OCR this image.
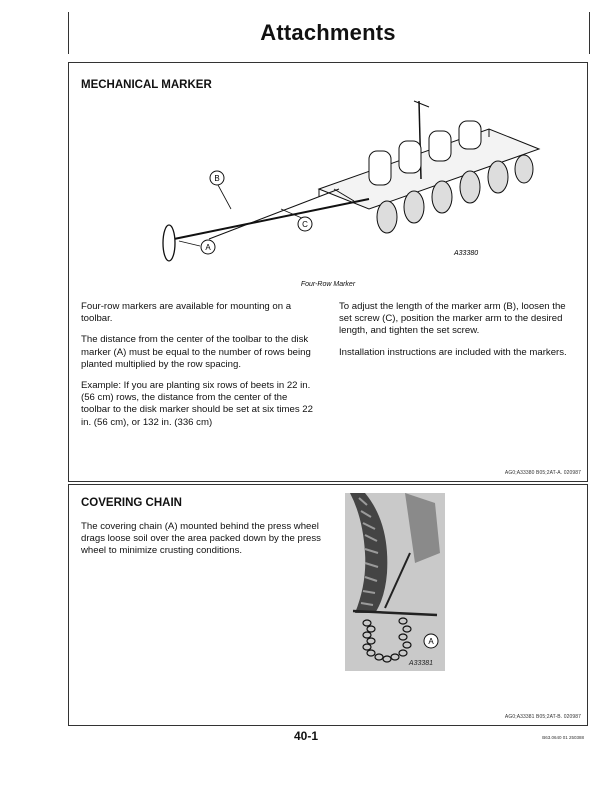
Attachments
MECHANICAL MARKER
B
C
A
A33380
Four-Row Marker

Four-row markers are available for mounting on a toolbar.

The distance from the center of the toolbar to the disk marker (A) must be equal to the number of rows being planted multiplied by the row spacing.

Example: If you are planting six rows of beets in 22 in. (56 cm) rows, the distance from the center of the toolbar to the disk marker should be set at six times 22 in. (56 cm), or 132 in. (336 cm)

To adjust the length of the marker arm (B), loosen the set screw (C), position the marker arm to the desired length, and tighten the set screw.

Installation instructions are included with the markers.

AG0;A33380 B05;2AT-A. 020987
COVERING CHAIN

The covering chain (A) mounted behind the press wheel drags loose soil over the area packed down by the press wheel to minimize crusting conditions.

A
A33381
AG0;A33381 B05;2AT-B. 020987
40-1	B63.0640 01 250388
